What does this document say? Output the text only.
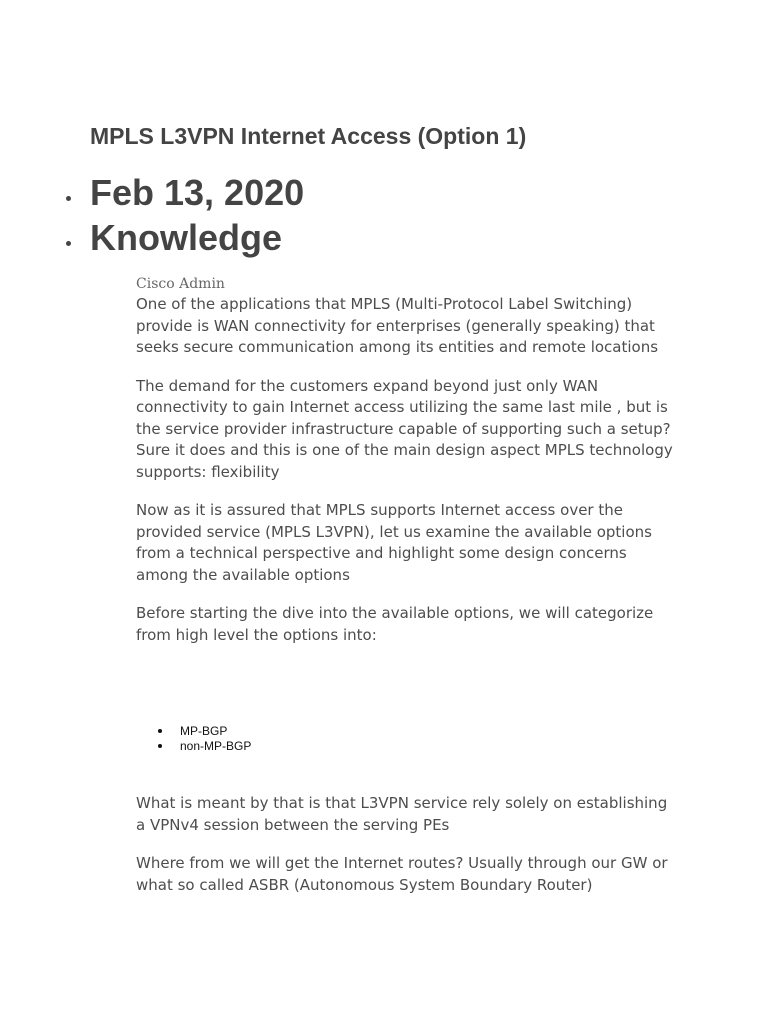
MPLS L3VPN Internet Access (Option 1)
Feb 13, 2020
Knowledge
Cisco Admin

One of the applications that MPLS (Multi-Protocol Label Switching) provide is WAN connectivity for enterprises (generally speaking) that seeks secure communication among its entities and remote locations

The demand for the customers expand beyond just only WAN connectivity to gain Internet access utilizing the same last mile , but is the service provider infrastructure capable of supporting such a setup? Sure it does and this is one of the main design aspect MPLS technology supports: flexibility

Now as it is assured that MPLS supports Internet access over the provided service (MPLS L3VPN), let us examine the available options from a technical perspective and highlight some design concerns among the available options

Before starting the dive into the available options, we will categorize from high level the options into:

MP-BGP
non-MP-BGP

What is meant by that is that L3VPN service rely solely on establishing a VPNv4 session between the serving PEs

Where from we will get the Internet routes? Usually through our GW or what so called ASBR (Autonomous System Boundary Router)
